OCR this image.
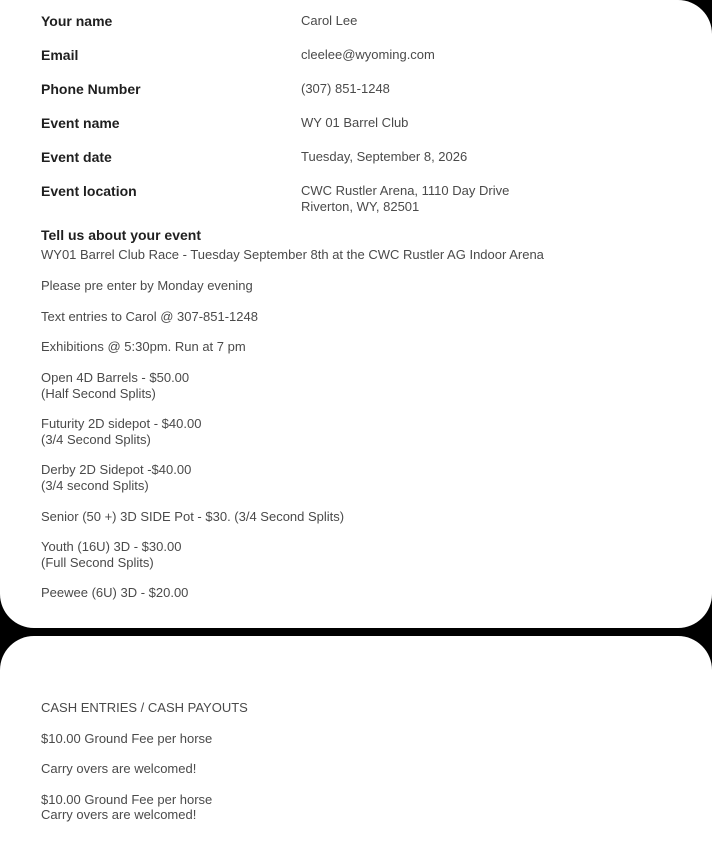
Your name	Carol Lee
Email	cleelee@wyoming.com
Phone Number	(307) 851-1248
Event name	WY 01 Barrel Club
Event date	Tuesday, September 8, 2026
Event location	CWC Rustler Arena, 1110 Day Drive
Riverton, WY, 82501
Tell us about your event
WY01 Barrel Club Race - Tuesday September 8th at the CWC Rustler AG Indoor Arena
Please pre enter by Monday evening
Text entries to Carol @ 307-851-1248
Exhibitions @ 5:30pm. Run at 7 pm
Open 4D Barrels - $50.00
(Half Second Splits)
Futurity 2D sidepot - $40.00
(3/4 Second Splits)
Derby 2D Sidepot -$40.00
(3/4 second Splits)
Senior (50 +) 3D SIDE Pot - $30. (3/4 Second Splits)
Youth (16U) 3D - $30.00
(Full Second Splits)
Peewee (6U) 3D - $20.00
CASH ENTRIES / CASH PAYOUTS
$10.00 Ground Fee per horse
Carry overs are welcomed!
$10.00 Ground Fee per horse
Carry overs are welcomed!
